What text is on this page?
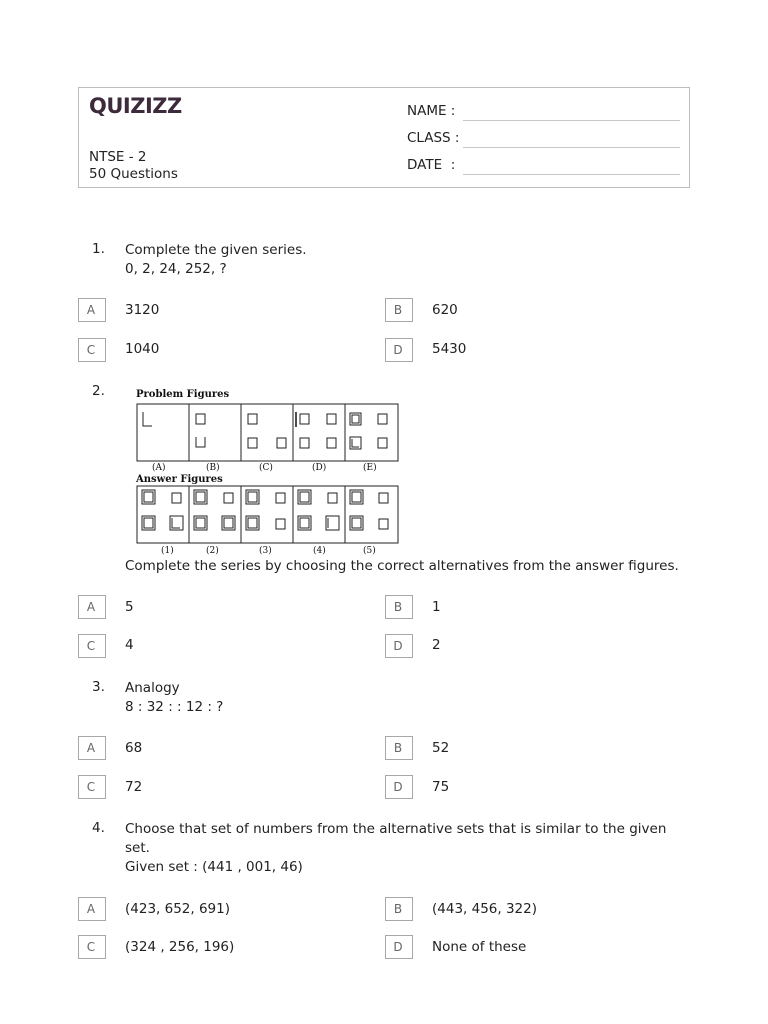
QUIZIZZ
NTSE - 2
50 Questions
NAME :
CLASS :
DATE  :
1. Complete the given series.
0, 2, 24, 252, ?
A	3120	B	620
C	1040	D	5430
2.	Problem Figures
(A)	(B)	(C)	(D)	(E)
Answer Figures
(1)	(2)	(3)	(4)	(5)
Complete the series by choosing the correct alternatives from the answer figures.
A	5	B	1
C	4	D	2
3. Analogy
8 : 32 : : 12 : ?
A	68	B	52
C	72	D	75
4. Choose that set of numbers from the alternative sets that is similar to the given
set.
Given set : (441 , 001, 46)
A	(423, 652, 691)	B	(443, 456, 322)
C	(324 , 256, 196)	D	None of these
